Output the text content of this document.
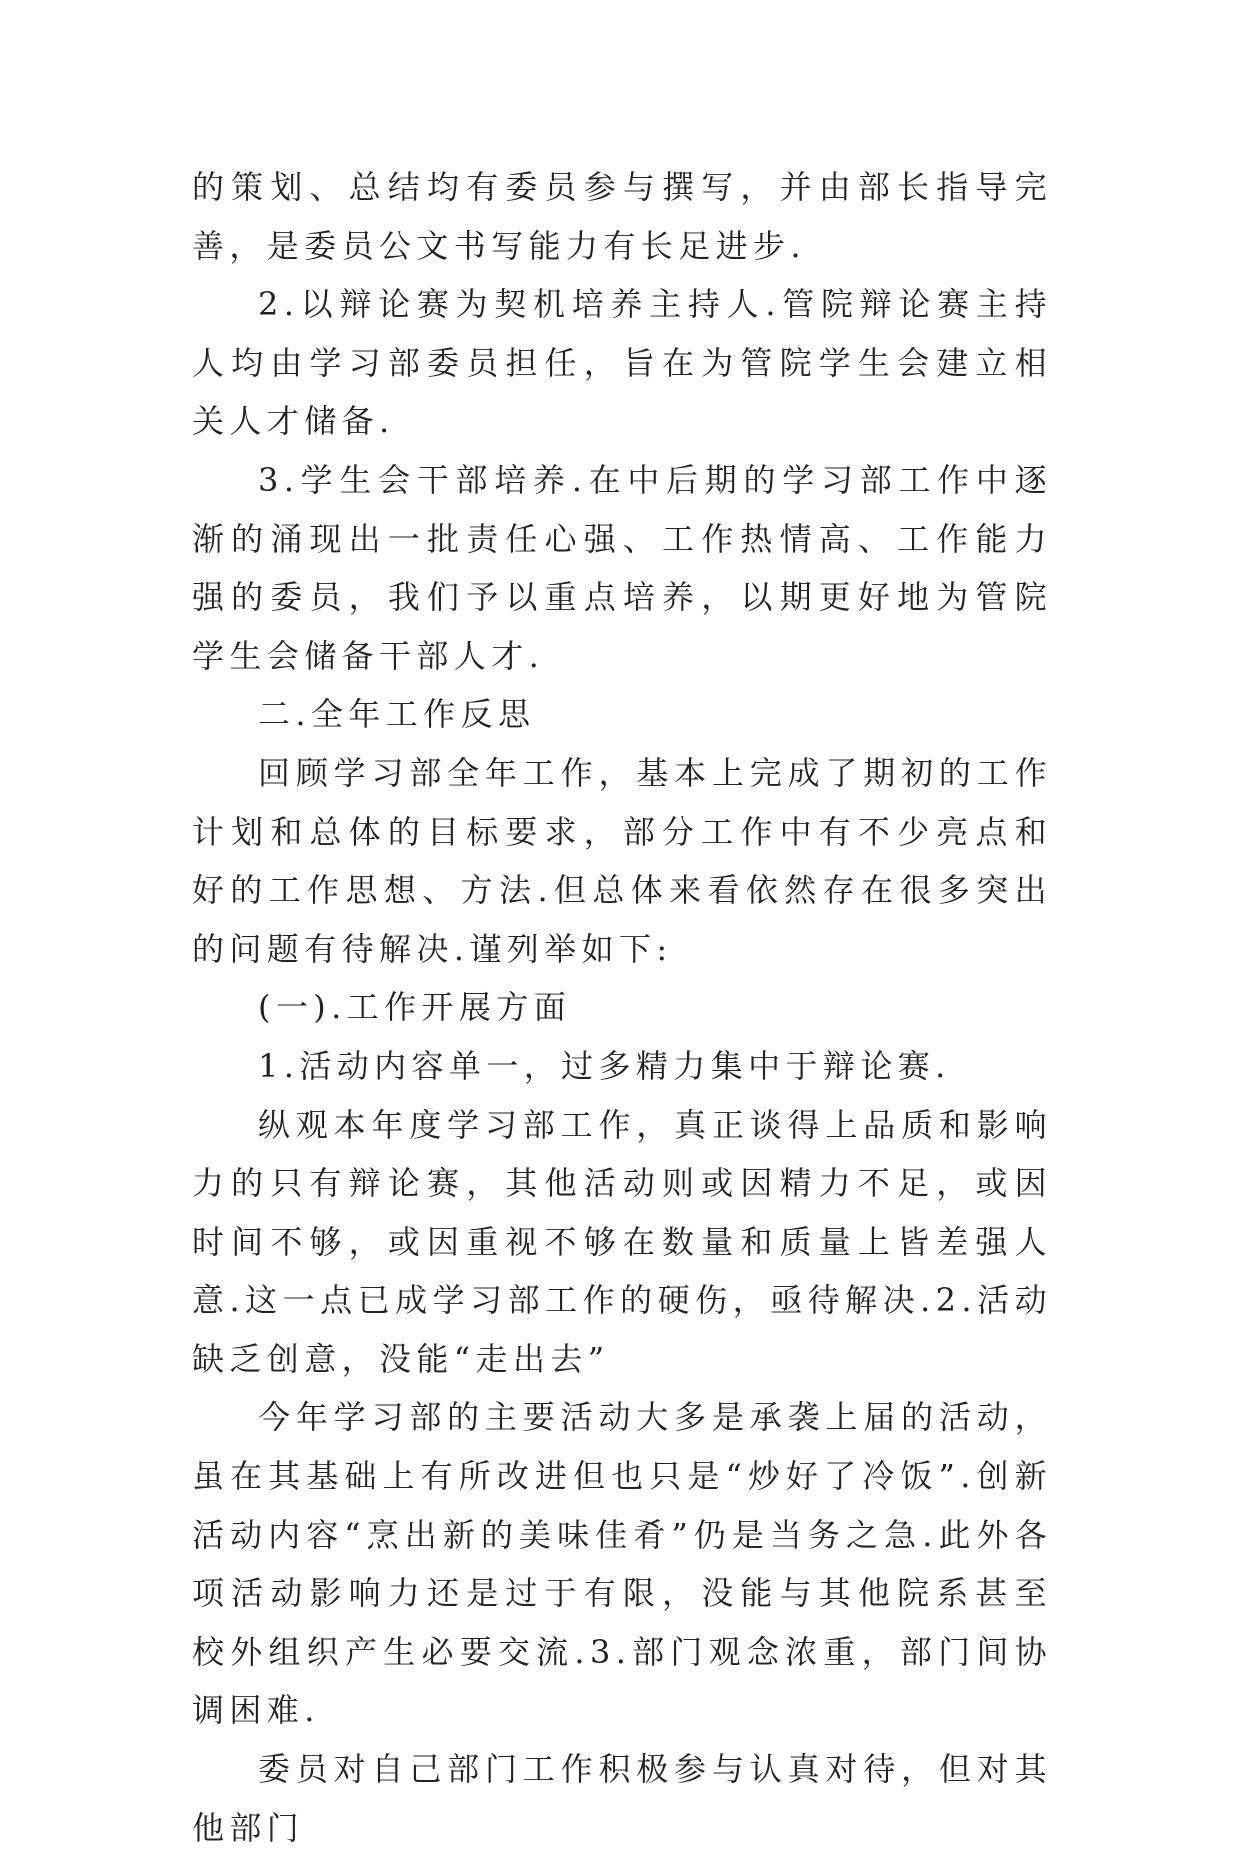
的策划、总结均有委员参与撰写，并由部长指导完善，是委员公文书写能力有长足进步.

2.以辩论赛为契机培养主持人.管院辩论赛主持人均由学习部委员担任，旨在为管院学生会建立相关人才储备.

3.学生会干部培养.在中后期的学习部工作中逐渐的涌现出一批责任心强、工作热情高、工作能力强的委员，我们予以重点培养，以期更好地为管院学生会储备干部人才.

二.全年工作反思

回顾学习部全年工作，基本上完成了期初的工作计划和总体的目标要求，部分工作中有不少亮点和好的工作思想、方法.但总体来看依然存在很多突出的问题有待解决.谨列举如下:

(一).工作开展方面

1.活动内容单一，过多精力集中于辩论赛.

纵观本年度学习部工作，真正谈得上品质和影响力的只有辩论赛，其他活动则或因精力不足，或因时间不够，或因重视不够在数量和质量上皆差强人意.这一点已成学习部工作的硬伤，亟待解决.2.活动缺乏创意，没能“走出去”

今年学习部的主要活动大多是承袭上届的活动，虽在其基础上有所改进但也只是“炒好了冷饭”.创新活动内容“烹出新的美味佳肴”仍是当务之急.此外各项活动影响力还是过于有限，没能与其他院系甚至校外组织产生必要交流.3.部门观念浓重，部门间协调困难.

委员对自己部门工作积极参与认真对待，但对其他部门
